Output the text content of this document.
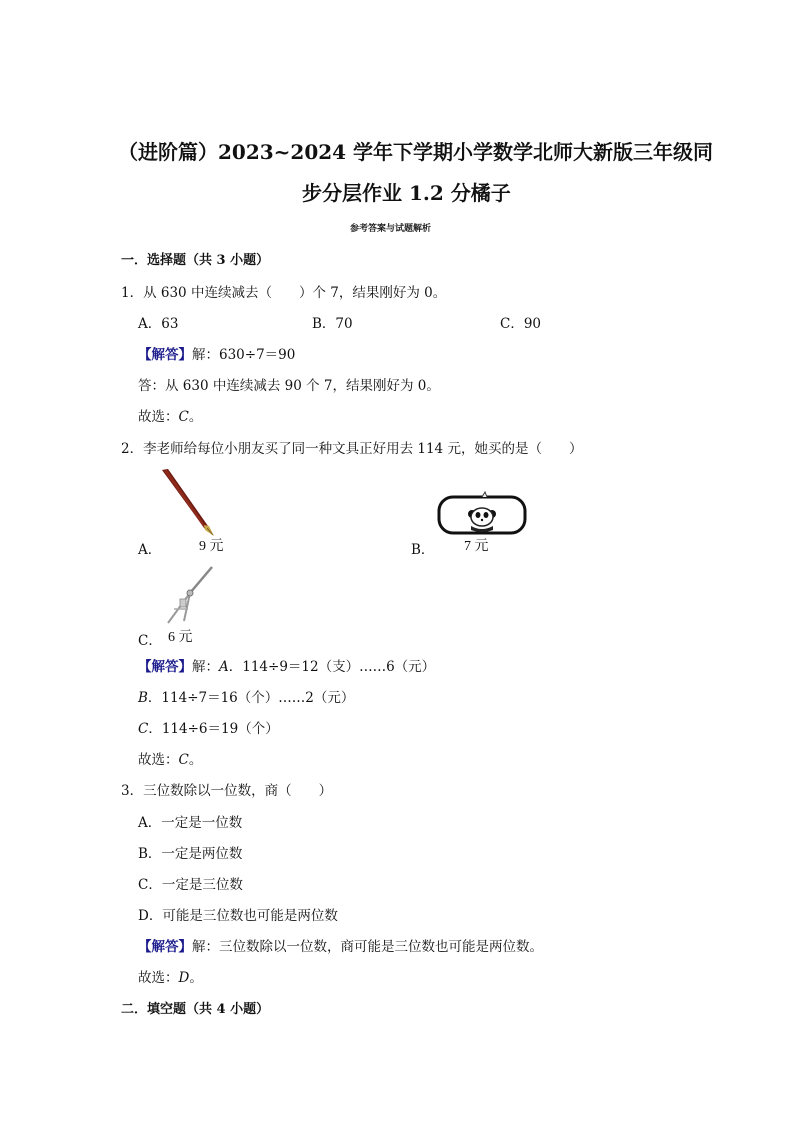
（进阶篇）2023~2024 学年下学期小学数学北师大新版三年级同
步分层作业 1.2 分橘子
参考答案与试题解析
一．选择题（共 3 小题）
1．从 630 中连续减去（　　）个 7，结果刚好为 0。
A．63	B．70	C．90
【解答】解：630÷7＝90
答：从 630 中连续减去 90 个 7，结果刚好为 0。
故选：C。
2．李老师给每位小朋友买了同一种文具正好用去 114 元，她买的是（　　）
A．	9 元	B． 7 元
C． 6 元
【解答】解：A．114÷9＝12（支）……6（元）
B．114÷7＝16（个）……2（元）
C．114÷6＝19（个）
故选：C。
3．三位数除以一位数，商（　　）
A．一定是一位数
B．一定是两位数
C．一定是三位数
D．可能是三位数也可能是两位数
【解答】解：三位数除以一位数，商可能是三位数也可能是两位数。
故选：D。
二．填空题（共 4 小题）
